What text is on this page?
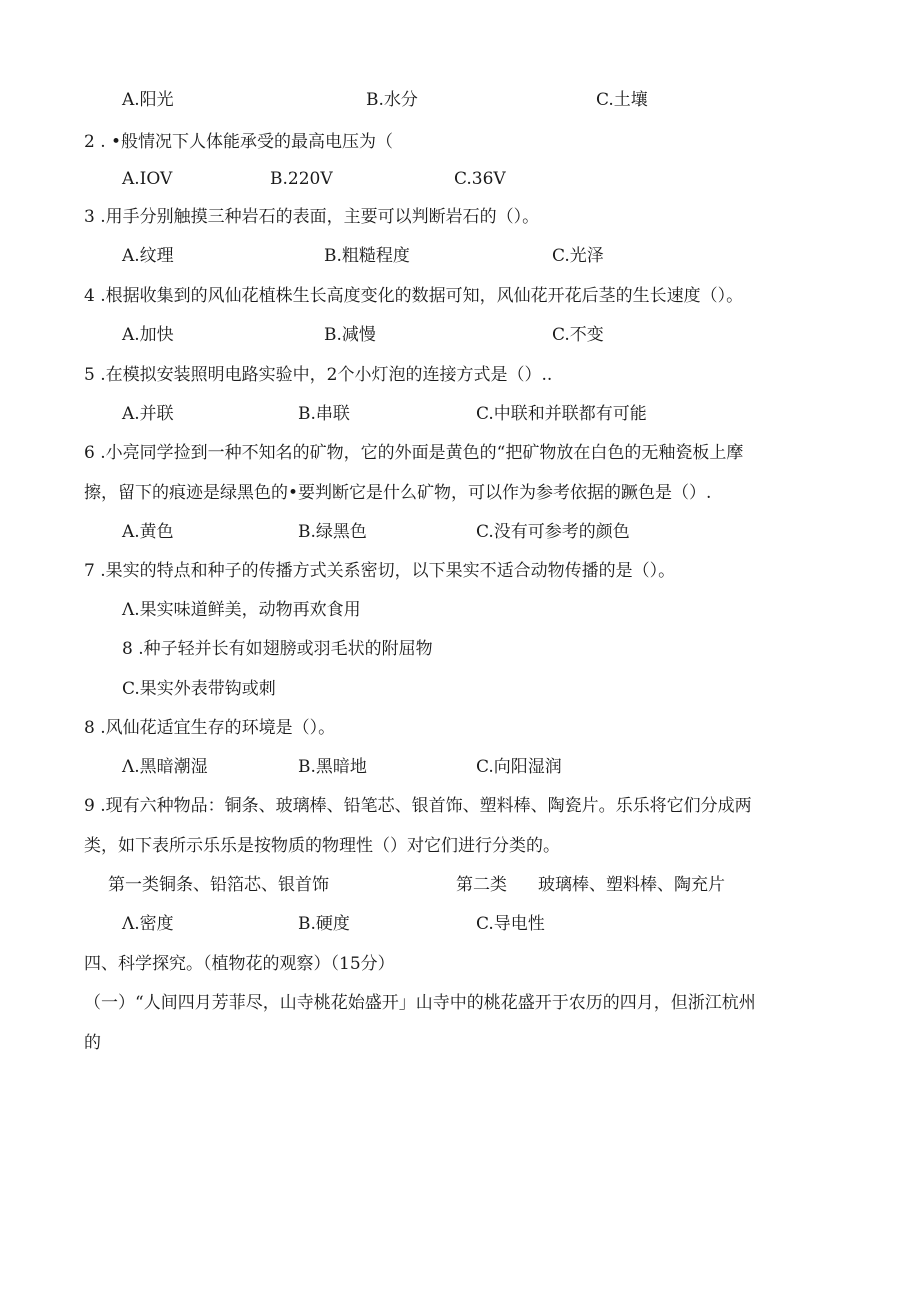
A.阳光	B.水分	C.土壤
2 . •般情况下人体能承受的最高电压为（
A.IOV	B.220V	C.36V
3 .用手分别触摸三种岩石的表面，主要可以判断岩石的（）。
A.纹理	B.粗糙程度	C.光泽
4 .根据收集到的风仙花植株生长高度变化的数据可知，风仙花开花后茎的生长速度（）。
A.加快	B.减慢	C.不变
5 .在模拟安装照明电路实验中，2个小灯泡的连接方式是（）..
A.并联	B.串联	C.中联和并联都有可能
6 .小亮同学捡到一种不知名的矿物，它的外面是黄色的“把矿物放在白色的无釉瓷板上摩
擦，留下的痕迹是绿黑色的•要判断它是什么矿物，可以作为参考依据的蹶色是（）.
A.黄色	B.绿黑色	C.没有可参考的颜色
7 .果实的特点和种子的传播方式关系密切，以下果实不适合动物传播的是（）。
Λ.果实味道鲜美，动物再欢食用
8 .种子轻并长有如翅膀或羽毛状的附屈物
C.果实外表带钩或刺
8 .风仙花适宜生存的环境是（）。
Λ.黑暗潮湿	B.黑暗地	C.向阳湿润
9 .现有六种物品：铜条、玻璃棒、铅笔芯、银首饰、塑料棒、陶瓷片。乐乐将它们分成两
类，如下表所示乐乐是按物质的物理性（）对它们进行分类的。
第一类铜条、铅箔芯、银首饰	第二类 玻璃棒、塑料棒、陶充片
Λ.密度	B.硬度	C.导电性
四、科学探究。（植物花的观察）（15分）
（一）“人间四月芳菲尽，山寺桃花始盛开」山寺中的桃花盛开于农历的四月，但浙江杭州
的
